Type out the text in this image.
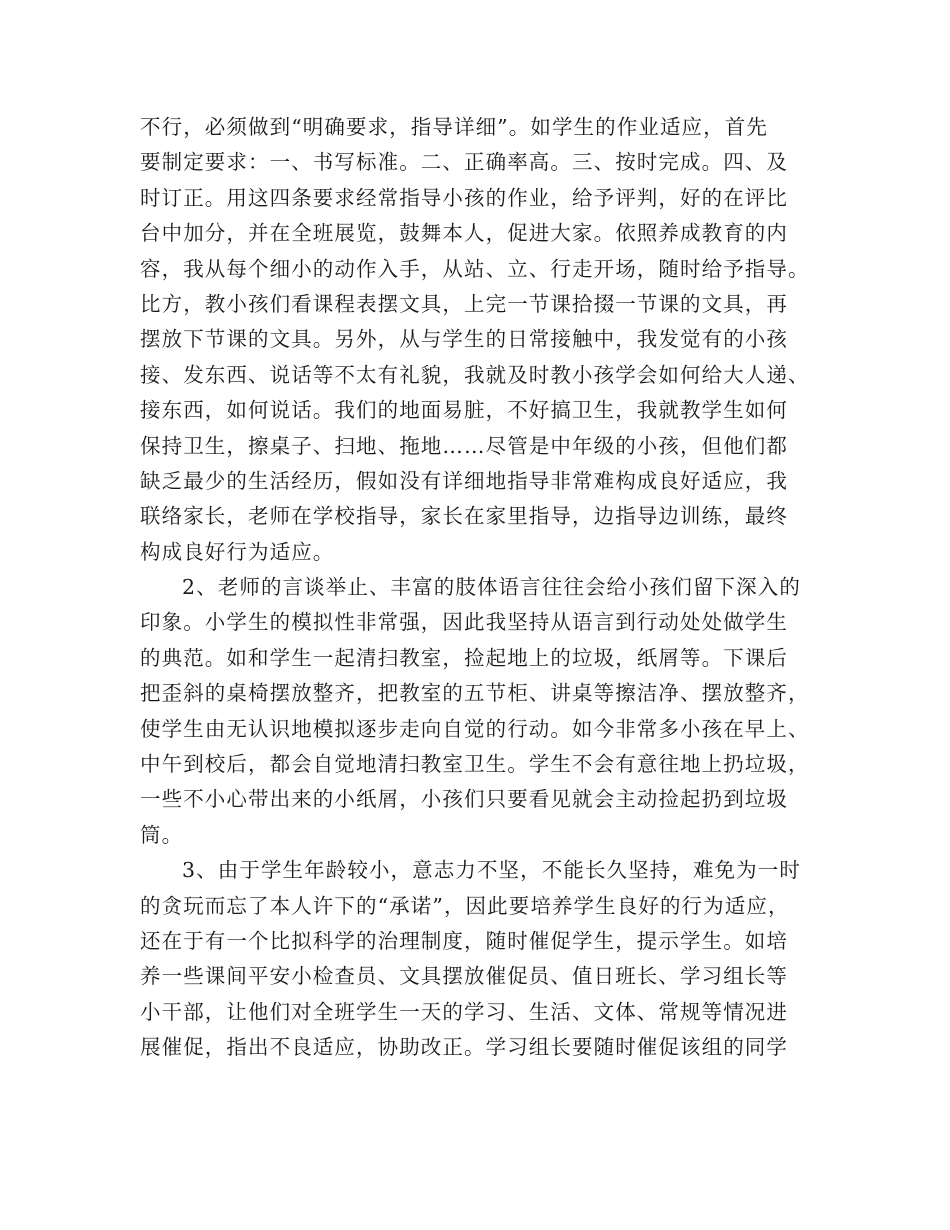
不行，必须做到“明确要求，指导详细”。如学生的作业适应，首先
要制定要求：一、书写标准。二、正确率高。三、按时完成。四、及
时订正。用这四条要求经常指导小孩的作业，给予评判，好的在评比
台中加分，并在全班展览，鼓舞本人，促进大家。依照养成教育的内
容，我从每个细小的动作入手，从站、立、行走开场，随时给予指导。
比方，教小孩们看课程表摆文具，上完一节课拾掇一节课的文具，再
摆放下节课的文具。另外，从与学生的日常接触中，我发觉有的小孩
接、发东西、说话等不太有礼貌，我就及时教小孩学会如何给大人递、
接东西，如何说话。我们的地面易脏，不好搞卫生，我就教学生如何
保持卫生，擦桌子、扫地、拖地……尽管是中年级的小孩，但他们都
缺乏最少的生活经历，假如没有详细地指导非常难构成良好适应，我
联络家长，老师在学校指导，家长在家里指导，边指导边训练，最终
构成良好行为适应。
2、老师的言谈举止、丰富的肢体语言往往会给小孩们留下深入的
印象。小学生的模拟性非常强，因此我坚持从语言到行动处处做学生
的典范。如和学生一起清扫教室，捡起地上的垃圾，纸屑等。下课后
把歪斜的桌椅摆放整齐，把教室的五节柜、讲桌等擦洁净、摆放整齐，
使学生由无认识地模拟逐步走向自觉的行动。如今非常多小孩在早上、
中午到校后，都会自觉地清扫教室卫生。学生不会有意往地上扔垃圾，
一些不小心带出来的小纸屑，小孩们只要看见就会主动捡起扔到垃圾
筒。
3、由于学生年龄较小，意志力不坚，不能长久坚持，难免为一时
的贪玩而忘了本人许下的“承诺”，因此要培养学生良好的行为适应，
还在于有一个比拟科学的治理制度，随时催促学生，提示学生。如培
养一些课间平安小检查员、文具摆放催促员、值日班长、学习组长等
小干部，让他们对全班学生一天的学习、生活、文体、常规等情况进
展催促，指出不良适应，协助改正。学习组长要随时催促该组的同学
